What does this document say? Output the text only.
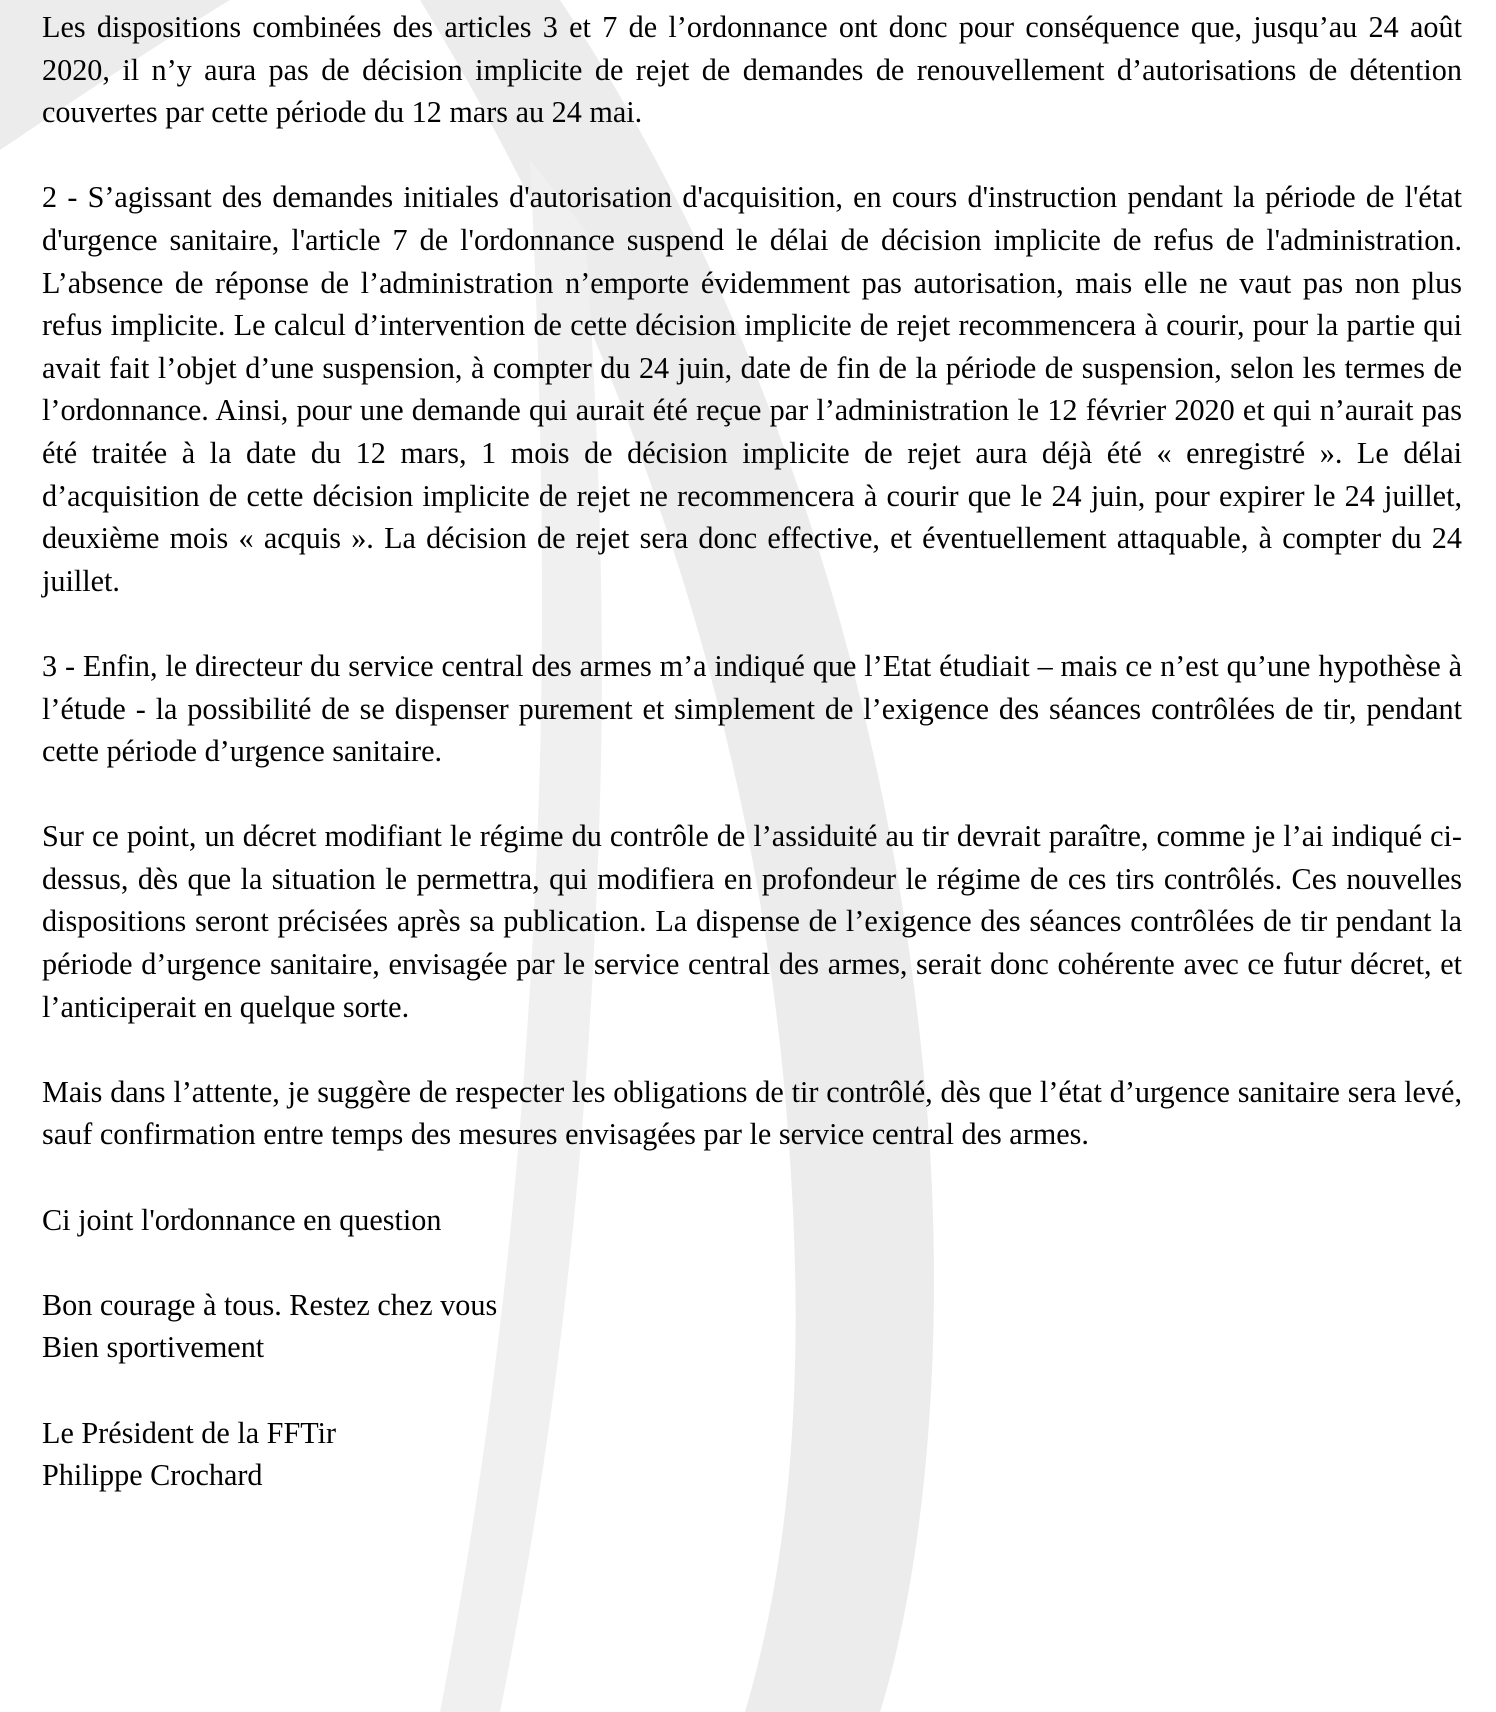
Les dispositions combinées des articles 3 et 7 de l’ordonnance ont donc pour conséquence que, jusqu’au 24 août 2020, il n’y aura pas de décision implicite de rejet de demandes de renouvellement d’autorisations de détention couvertes par cette période du 12 mars au 24 mai.

2 - S’agissant des demandes initiales d'autorisation d'acquisition, en cours d'instruction pendant la période de l'état d'urgence sanitaire, l'article 7 de l'ordonnance suspend le délai de décision implicite de refus de l'administration. L’absence de réponse de l’administration n’emporte évidemment pas autorisation, mais elle ne vaut pas non plus refus implicite. Le calcul d’intervention de cette décision implicite de rejet recommencera à courir, pour la partie qui avait fait l’objet d’une suspension, à compter du 24 juin, date de fin de la période de suspension, selon les termes de l’ordonnance. Ainsi, pour une demande qui aurait été reçue par l’administration le 12 février 2020 et qui n’aurait pas été traitée à la date du 12 mars, 1 mois de décision implicite de rejet aura déjà été « enregistré ». Le délai d’acquisition de cette décision implicite de rejet ne recommencera à courir que le 24 juin, pour expirer le 24 juillet, deuxième mois « acquis ». La décision de rejet sera donc effective, et éventuellement attaquable, à compter du 24 juillet.

3 - Enfin, le directeur du service central des armes m’a indiqué que l’Etat étudiait – mais ce n’est qu’une hypothèse à l’étude - la possibilité de se dispenser purement et simplement de l’exigence des séances contrôlées de tir, pendant cette période d’urgence sanitaire.

Sur ce point, un décret modifiant le régime du contrôle de l’assiduité au tir devrait paraître, comme je l’ai indiqué ci-dessus, dès que la situation le permettra, qui modifiera en profondeur le régime de ces tirs contrôlés. Ces nouvelles dispositions seront précisées après sa publication. La dispense de l’exigence des séances contrôlées de tir pendant la période d’urgence sanitaire, envisagée par le service central des armes, serait donc cohérente avec ce futur décret, et l’anticiperait en quelque sorte.

Mais dans l’attente, je suggère de respecter les obligations de tir contrôlé, dès que l’état d’urgence sanitaire sera levé, sauf confirmation entre temps des mesures envisagées par le service central des armes.

Ci joint l'ordonnance en question

Bon courage à tous. Restez chez vous
Bien sportivement

Le Président de la FFTir
Philippe Crochard
